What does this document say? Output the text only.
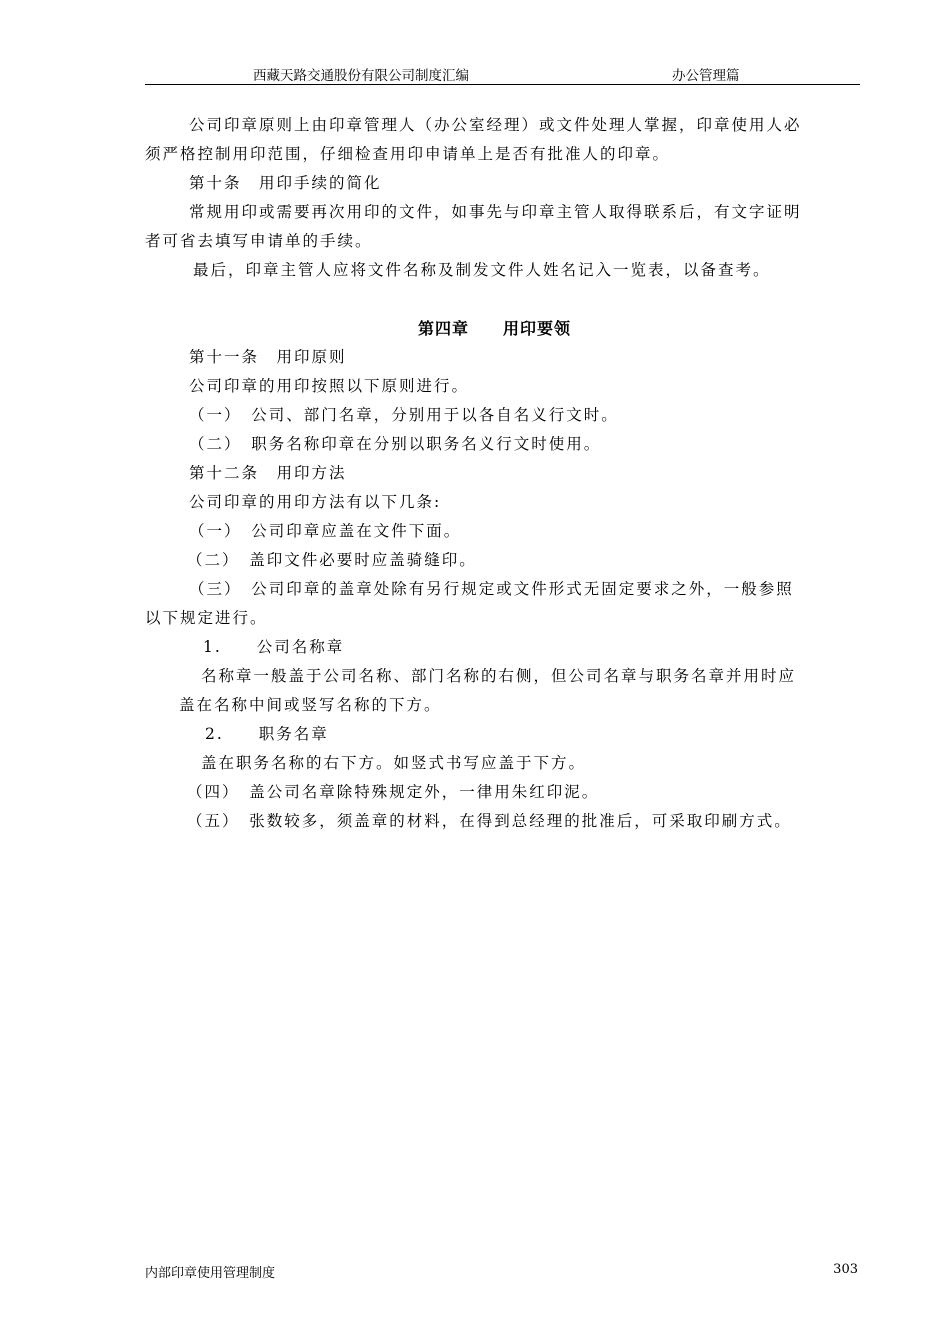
西藏天路交通股份有限公司制度汇编	办公管理篇
公司印章原则上由印章管理人（办公室经理）或文件处理人掌握，印章使用人必
须严格控制用印范围，仔细检查用印申请单上是否有批准人的印章。
第十条　用印手续的简化
常规用印或需要再次用印的文件，如事先与印章主管人取得联系后，有文字证明
者可省去填写申请单的手续。
最后，印章主管人应将文件名称及制发文件人姓名记入一览表，以备查考。
第四章 用印要领
第十一条　用印原则
公司印章的用印按照以下原则进行。
（一）　公司、部门名章，分别用于以各自名义行文时。
（二）　职务名称印章在分别以职务名义行文时使用。
第十二条　用印方法
公司印章的用印方法有以下几条:
（一）　公司印章应盖在文件下面。
（二）　盖印文件必要时应盖骑缝印。
（三）　公司印章的盖章处除有另行规定或文件形式无固定要求之外，一般参照
以下规定进行。
1.　　公司名称章
名称章一般盖于公司名称、部门名称的右侧，但公司名章与职务名章并用时应
盖在名称中间或竖写名称的下方。
2.　　职务名章
盖在职务名称的右下方。如竖式书写应盖于下方。
（四）　盖公司名章除特殊规定外，一律用朱红印泥。
（五）　张数较多，须盖章的材料，在得到总经理的批准后，可采取印刷方式。
内部印章使用管理制度	303
